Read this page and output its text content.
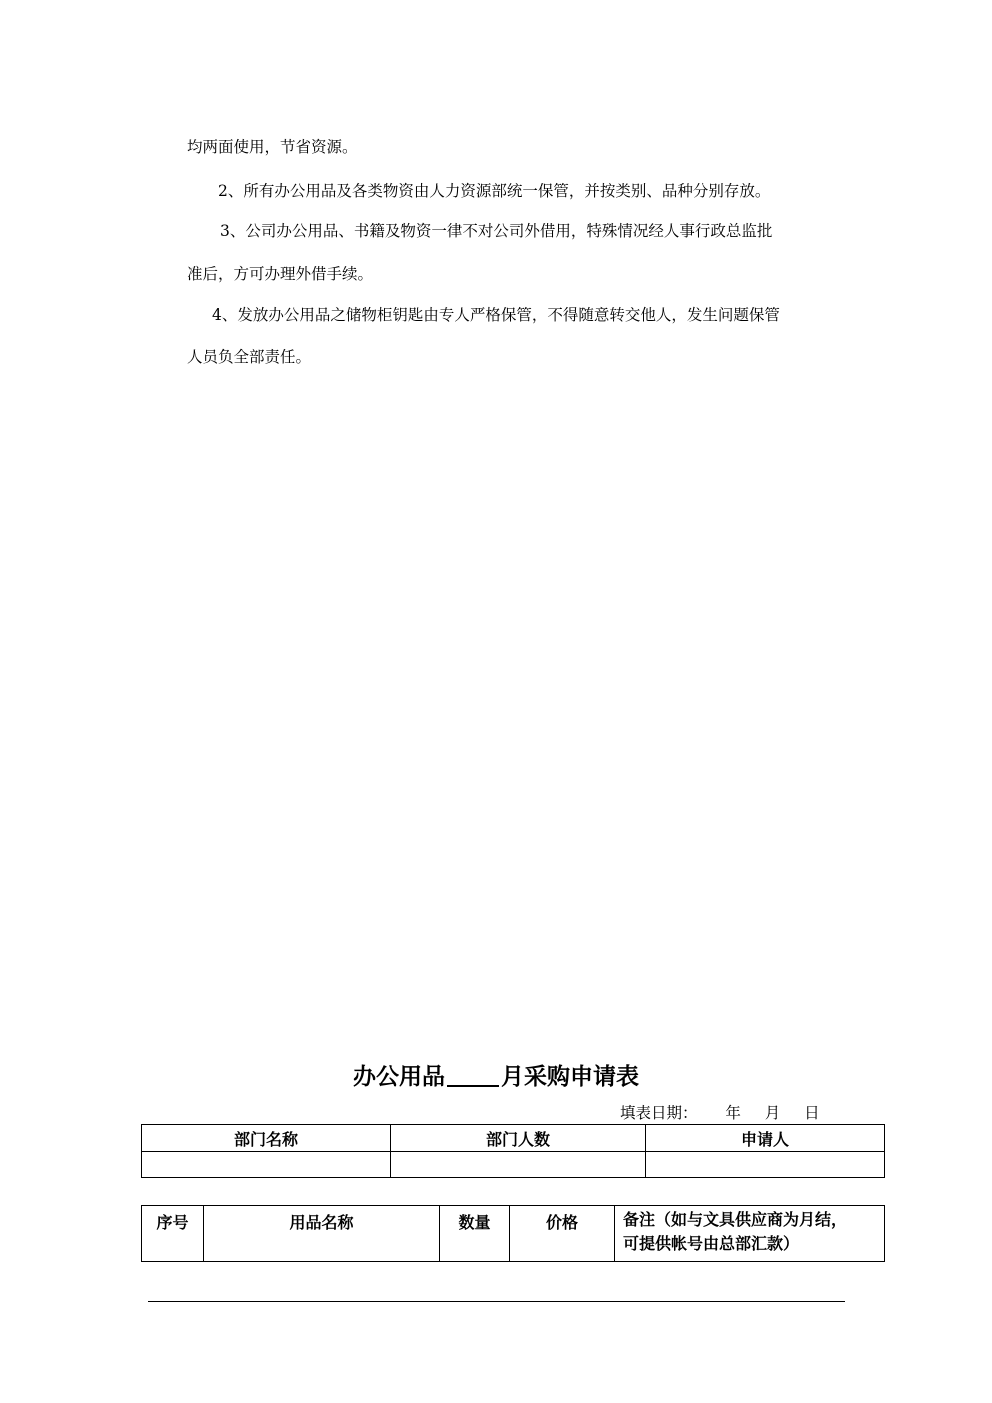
均两面使用，节省资源。

2、所有办公用品及各类物资由人力资源部统一保管，并按类别、品种分别存放。

3、公司办公用品、书籍及物资一律不对公司外借用，特殊情况经人事行政总监批

准后，方可办理外借手续。

4、发放办公用品之储物柜钥匙由专人严格保管，不得随意转交他人，发生问题保管

人员负全部责任。

办公用品 月采购申请表
填表日期： 年 月 日
部门名称	部门人数	申请人

序号	用品名称	数量	价格	备注（如与文具供应商为月结，
可提供帐号由总部汇款）
